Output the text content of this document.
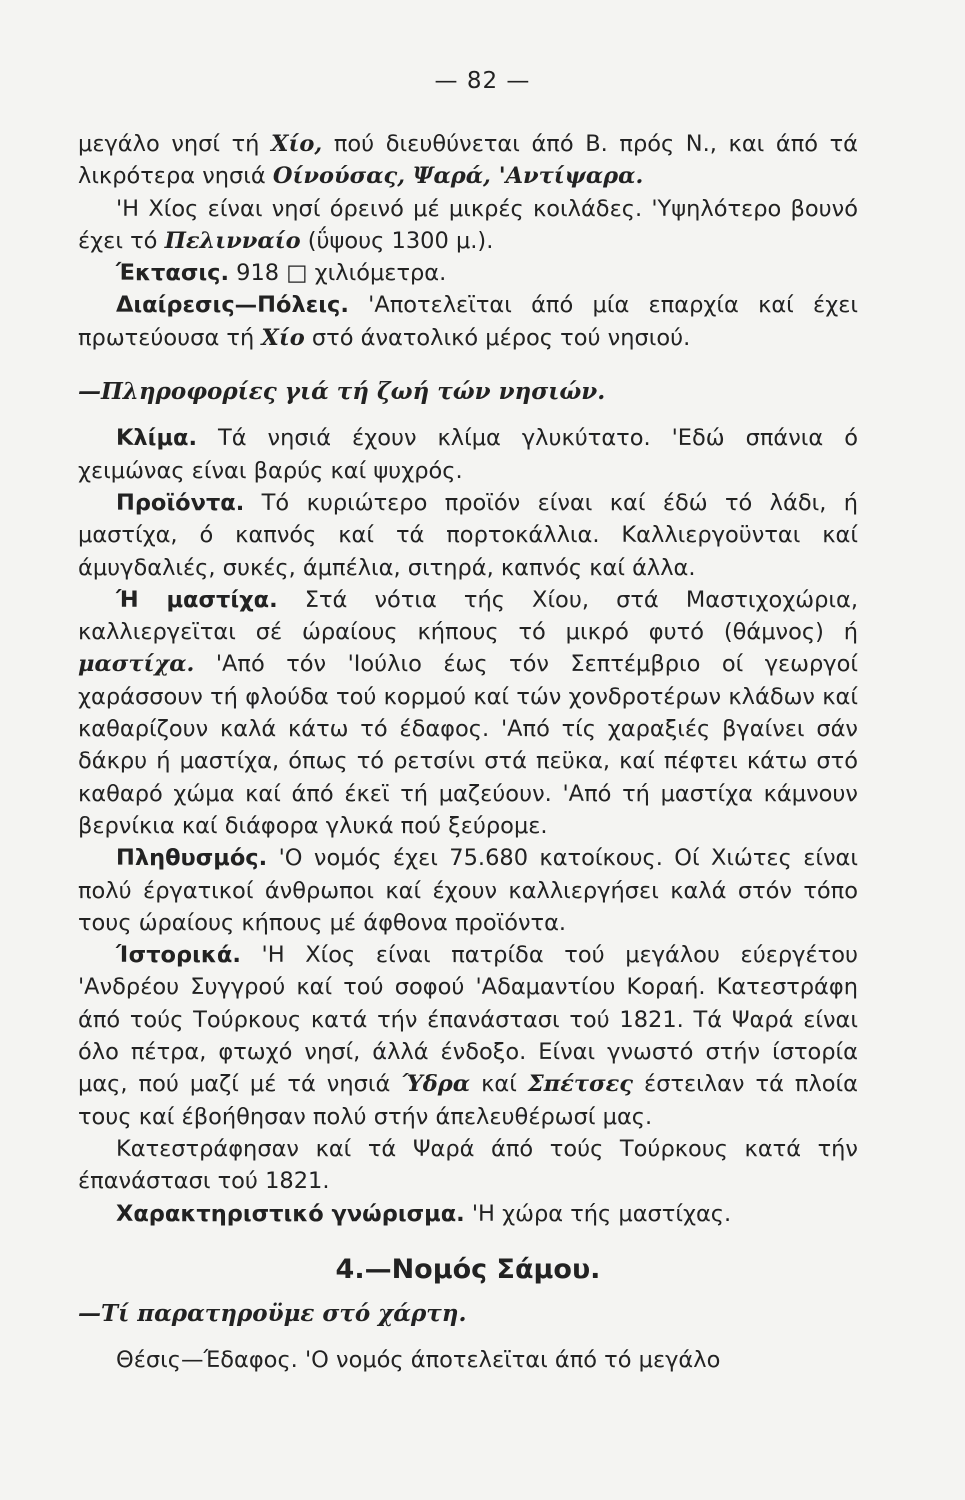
— 82 —

μεγάλο νησί τή Χίο, πού διευθύνεται άπό Β. πρός Ν., και άπό τά λικρότερα νησιά Οίνούσας, Ψαρά, 'Αντίψαρα.

'Η Χίος είναι νησί όρεινό μέ μικρές κοιλάδες. 'Υψηλότερο βουνό έχει τό Πελινναίο (ΰψους 1300 μ.).

Έκτασις. 918 □ χιλιόμετρα.

Διαίρεσις—Πόλεις. 'Αποτελεϊται άπό μία επαρχία καί έχει πρωτεύουσα τή Χίο στό άνατολικό μέρος τού νησιού.

—Πληροφορίες γιά τή ζωή τών νησιών.

Κλίμα. Τά νησιά έχουν κλίμα γλυκύτατο. 'Εδώ σπάνια ό χειμώνας είναι βαρύς καί ψυχρός.

Προϊόντα. Τό κυριώτερο προϊόν είναι καί έδώ τό λάδι, ή μαστίχα, ό καπνός καί τά πορτοκάλλια. Καλλιεργοϋνται καί άμυγδαλιές, συκές, άμπέλια, σιτηρά, καπνός καί άλλα.

Ή μαστίχα. Στά νότια τής Χίου, στά Μαστιχοχώρια, καλλιεργεϊται σέ ώραίους κήπους τό μικρό φυτό (θάμνος) ή μαστίχα. 'Από τόν 'Ιούλιο έως τόν Σεπτέμβριο οί γεωργοί χαράσσουν τή φλούδα τού κορμού καί τών χονδροτέρων κλάδων καί καθαρίζουν καλά κάτω τό έδαφος. 'Από τίς χαραξιές βγαίνει σάν δάκρυ ή μαστίχα, όπως τό ρετσίνι στά πεϋκα, καί πέφτει κάτω στό καθαρό χώμα καί άπό έκεϊ τή μαζεύουν. 'Από τή μαστίχα κάμνουν βερνίκια καί διάφορα γλυκά πού ξεύρομε.

Πληθυσμός. 'Ο νομός έχει 75.680 κατοίκους. Οί Χιώτες είναι πολύ έργατικοί άνθρωποι καί έχουν καλλιεργήσει καλά στόν τόπο τους ώραίους κήπους μέ άφθονα προϊόντα.

Ίστορικά. 'Η Χίος είναι πατρίδα τού μεγάλου εύεργέτου 'Ανδρέου Συγγρού καί τού σοφού 'Αδαμαντίου Κοραή. Κατεστράφη άπό τούς Τούρκους κατά τήν έπανάστασι τού 1821. Τά Ψαρά είναι όλο πέτρα, φτωχό νησί, άλλά ένδοξο. Είναι γνωστό στήν ίστορία μας, πού μαζί μέ τά νησιά Ύδρα καί Σπέτσες έστειλαν τά πλοία τους καί έβοήθησαν πολύ στήν άπελευθέρωσί μας.

Κατεστράφησαν καί τά Ψαρά άπό τούς Τούρκους κατά τήν έπανάστασι τού 1821.

Χαρακτηριστικό γνώρισμα. 'Η χώρα τής μαστίχας.

4.—Νομός Σάμου.

—Τί παρατηροϋμε στό χάρτη.

Θέσις—Έδαφος. 'Ο νομός άποτελεϊται άπό τό μεγάλο
